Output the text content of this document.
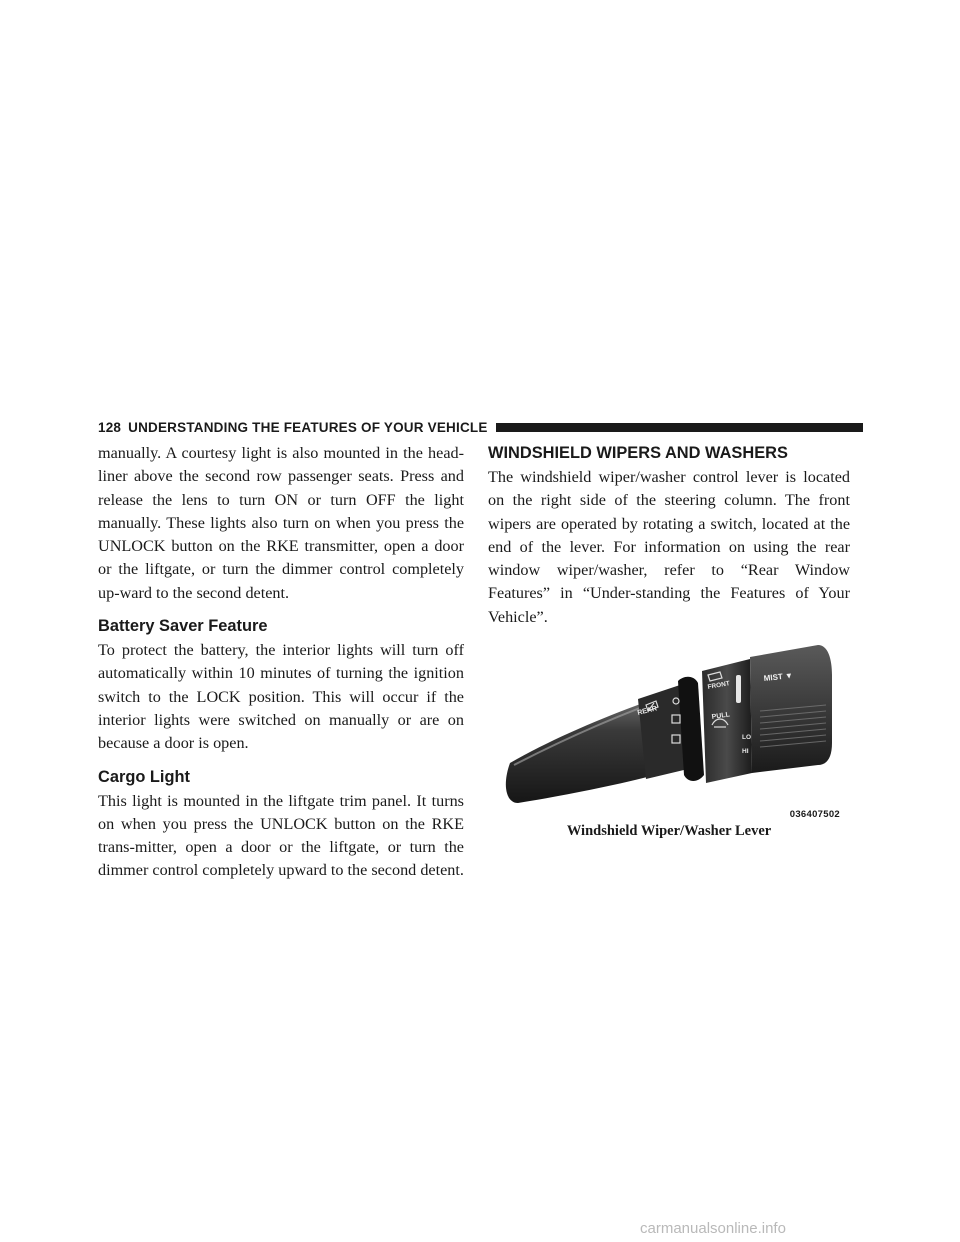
128 UNDERSTANDING THE FEATURES OF YOUR VEHICLE

manually. A courtesy light is also mounted in the head- liner above the second row passenger seats. Press and release the lens to turn ON or turn OFF the light manually. These lights also turn on when you press the UNLOCK button on the RKE transmitter, open a door or the liftgate, or turn the dimmer control completely up-ward to the second detent.

Battery Saver Feature

To protect the battery, the interior lights will turn off automatically within 10 minutes of turning the ignition switch to the LOCK position. This will occur if the interior lights were switched on manually or are on because a door is open.

Cargo Light

This light is mounted in the liftgate trim panel. It turns on when you press the UNLOCK button on the RKE trans-mitter, open a door or the liftgate, or turn the dimmer control completely upward to the second detent.

WINDSHIELD WIPERS AND WASHERS

The windshield wiper/washer control lever is located on the right side of the steering column. The front wipers are operated by rotating a switch, located at the end of the lever. For information on using the rear window wiper/washer, refer to “Rear Window Features” in “Under-standing the Features of Your Vehicle”.

REAR
FRONT
PULL
MIST ▼
LO
HI
036407502
Windshield Wiper/Washer Lever
carmanualsonline.info
